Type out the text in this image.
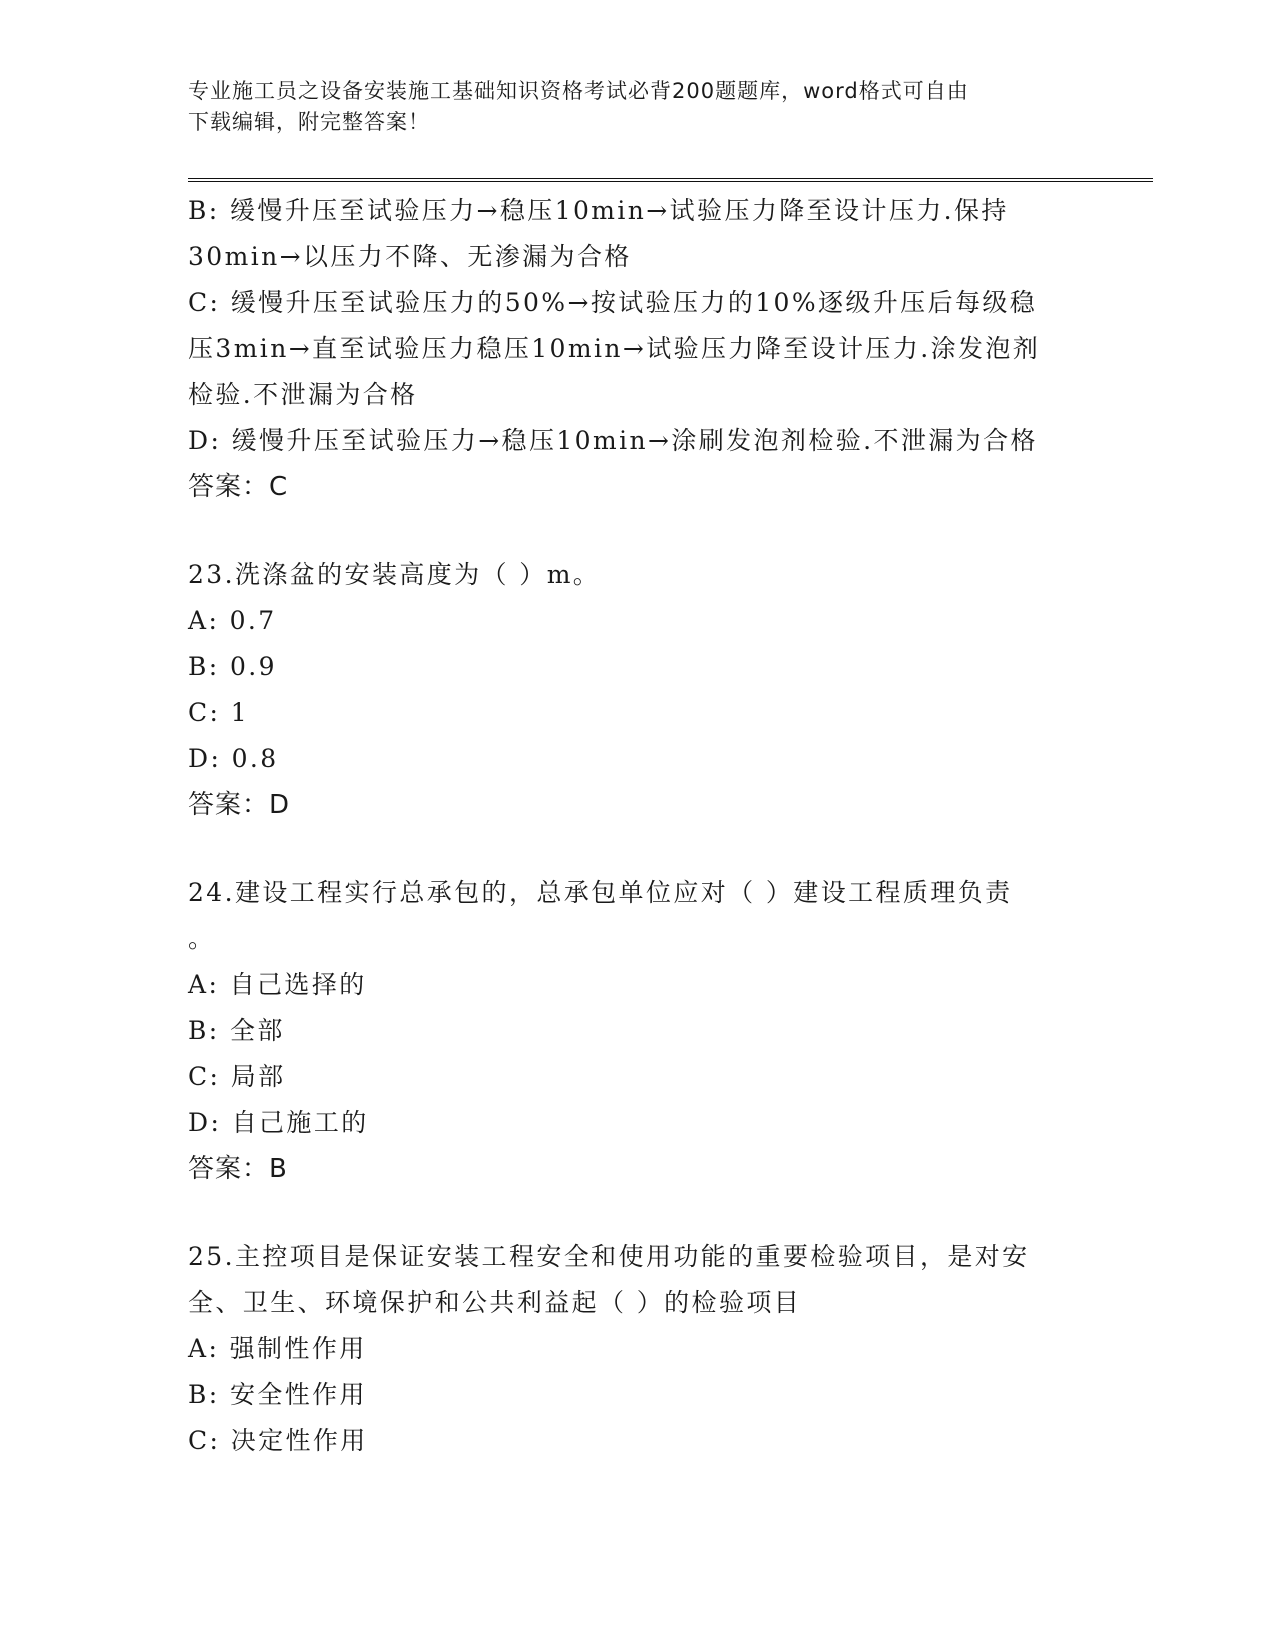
专业施工员之设备安装施工基础知识资格考试必背200题题库，word格式可自由
下载编辑，附完整答案！
B: 缓慢升压至试验压力→稳压10min→试验压力降至设计压力.保持
30min→以压力不降、无渗漏为合格
C: 缓慢升压至试验压力的50%→按试验压力的10%逐级升压后每级稳
压3min→直至试验压力稳压10min→试验压力降至设计压力.涂发泡剂
检验.不泄漏为合格
D: 缓慢升压至试验压力→稳压10min→涂刷发泡剂检验.不泄漏为合格
答案：C
23.洗涤盆的安装高度为（ ）m。
A: 0.7
B: 0.9
C: 1
D: 0.8
答案：D
24.建设工程实行总承包的，总承包单位应对（ ）建设工程质理负责
。
A: 自己选择的
B: 全部
C: 局部
D: 自己施工的
答案：B
25.主控项目是保证安装工程安全和使用功能的重要检验项目，是对安
全、卫生、环境保护和公共利益起（ ）的检验项目
A: 强制性作用
B: 安全性作用
C: 决定性作用
